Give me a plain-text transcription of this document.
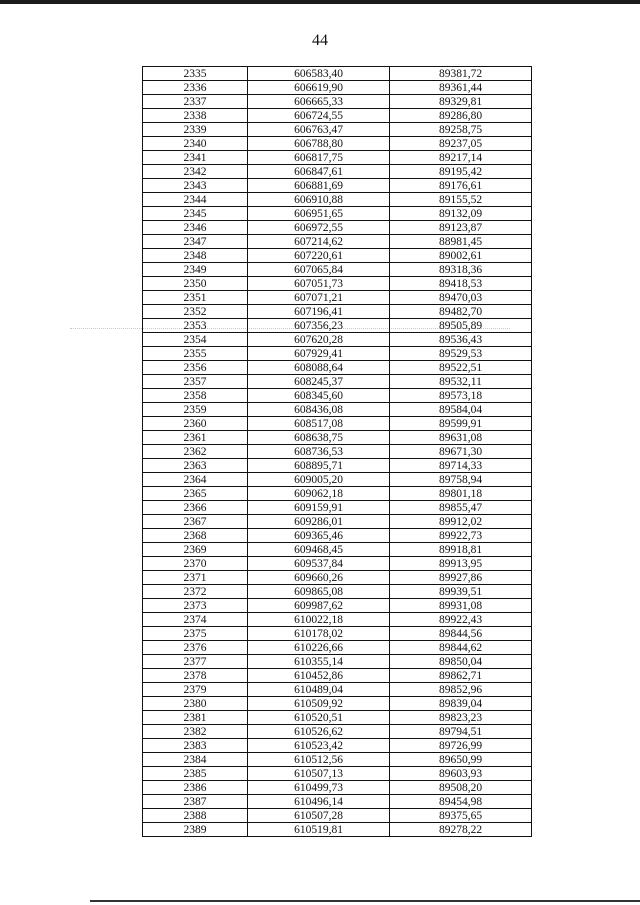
44
2335	606583,40	89381,72
2336	606619,90	89361,44
2337	606665,33	89329,81
2338	606724,55	89286,80
2339	606763,47	89258,75
2340	606788,80	89237,05
2341	606817,75	89217,14
2342	606847,61	89195,42
2343	606881,69	89176,61
2344	606910,88	89155,52
2345	606951,65	89132,09
2346	606972,55	89123,87
2347	607214,62	88981,45
2348	607220,61	89002,61
2349	607065,84	89318,36
2350	607051,73	89418,53
2351	607071,21	89470,03
2352	607196,41	89482,70
2353	607356,23	89505,89
2354	607620,28	89536,43
2355	607929,41	89529,53
2356	608088,64	89522,51
2357	608245,37	89532,11
2358	608345,60	89573,18
2359	608436,08	89584,04
2360	608517,08	89599,91
2361	608638,75	89631,08
2362	608736,53	89671,30
2363	608895,71	89714,33
2364	609005,20	89758,94
2365	609062,18	89801,18
2366	609159,91	89855,47
2367	609286,01	89912,02
2368	609365,46	89922,73
2369	609468,45	89918,81
2370	609537,84	89913,95
2371	609660,26	89927,86
2372	609865,08	89939,51
2373	609987,62	89931,08
2374	610022,18	89922,43
2375	610178,02	89844,56
2376	610226,66	89844,62
2377	610355,14	89850,04
2378	610452,86	89862,71
2379	610489,04	89852,96
2380	610509,92	89839,04
2381	610520,51	89823,23
2382	610526,62	89794,51
2383	610523,42	89726,99
2384	610512,56	89650,99
2385	610507,13	89603,93
2386	610499,73	89508,20
2387	610496,14	89454,98
2388	610507,28	89375,65
2389	610519,81	89278,22
